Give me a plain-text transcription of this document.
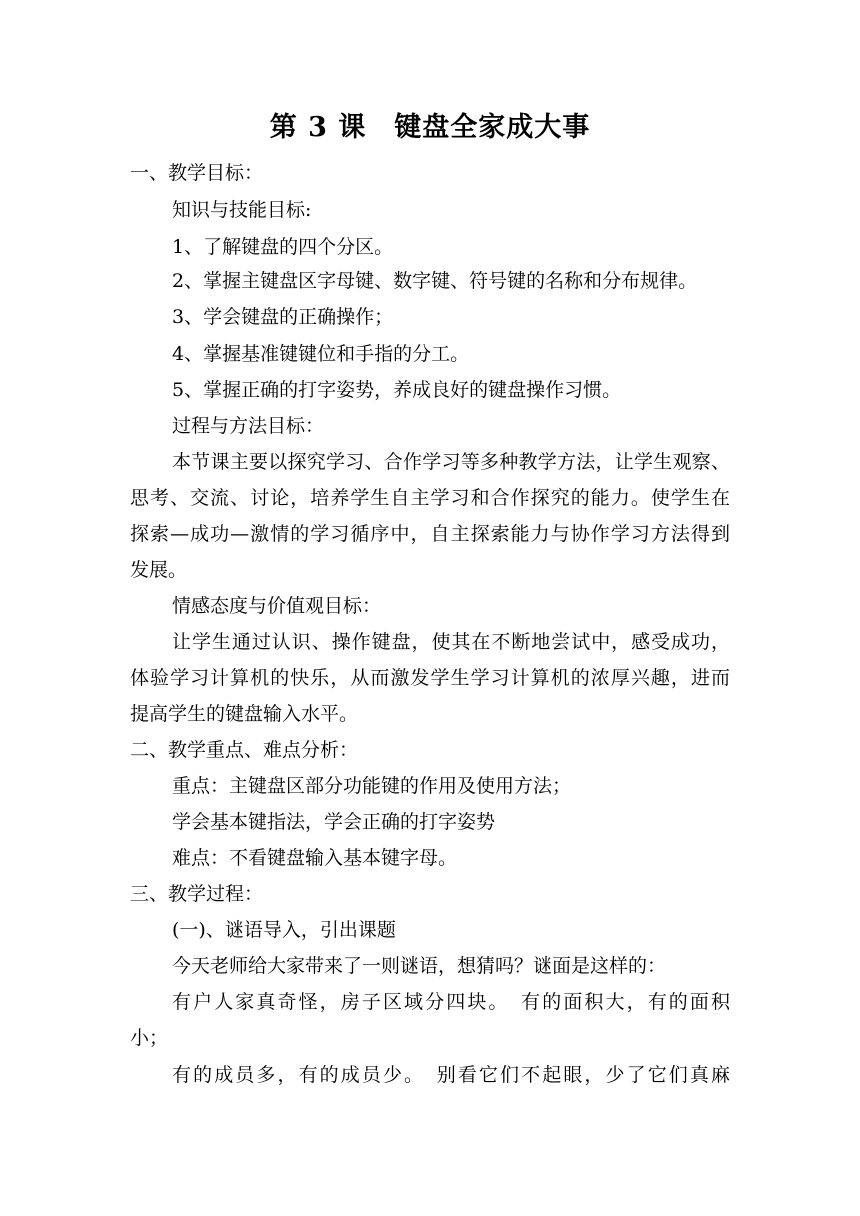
第 3 课　键盘全家成大事
一、教学目标：
知识与技能目标:
1、了解键盘的四个分区。
2、掌握主键盘区字母键、数字键、符号键的名称和分布规律。
3、学会键盘的正确操作；
4、掌握基准键键位和手指的分工。
5、掌握正确的打字姿势，养成良好的键盘操作习惯。
过程与方法目标：
本节课主要以探究学习、合作学习等多种教学方法，让学生观察、
思考、交流、讨论，培养学生自主学习和合作探究的能力。使学生在
探索—成功—激情的学习循序中，自主探索能力与协作学习方法得到
发展。
情感态度与价值观目标：
让学生通过认识、操作键盘，使其在不断地尝试中，感受成功，
体验学习计算机的快乐，从而激发学生学习计算机的浓厚兴趣，进而
提高学生的键盘输入水平。
二、教学重点、难点分析：
重点：主键盘区部分功能键的作用及使用方法；
学会基本键指法，学会正确的打字姿势
难点：不看键盘输入基本键字母。
三、教学过程：
(一)、谜语导入，引出课题
今天老师给大家带来了一则谜语，想猜吗？谜面是这样的：
有户人家真奇怪，房子区域分四块。　有的面积大，有的面积
小；
有的成员多，有的成员少。　别看它们不起眼，少了它们真麻
